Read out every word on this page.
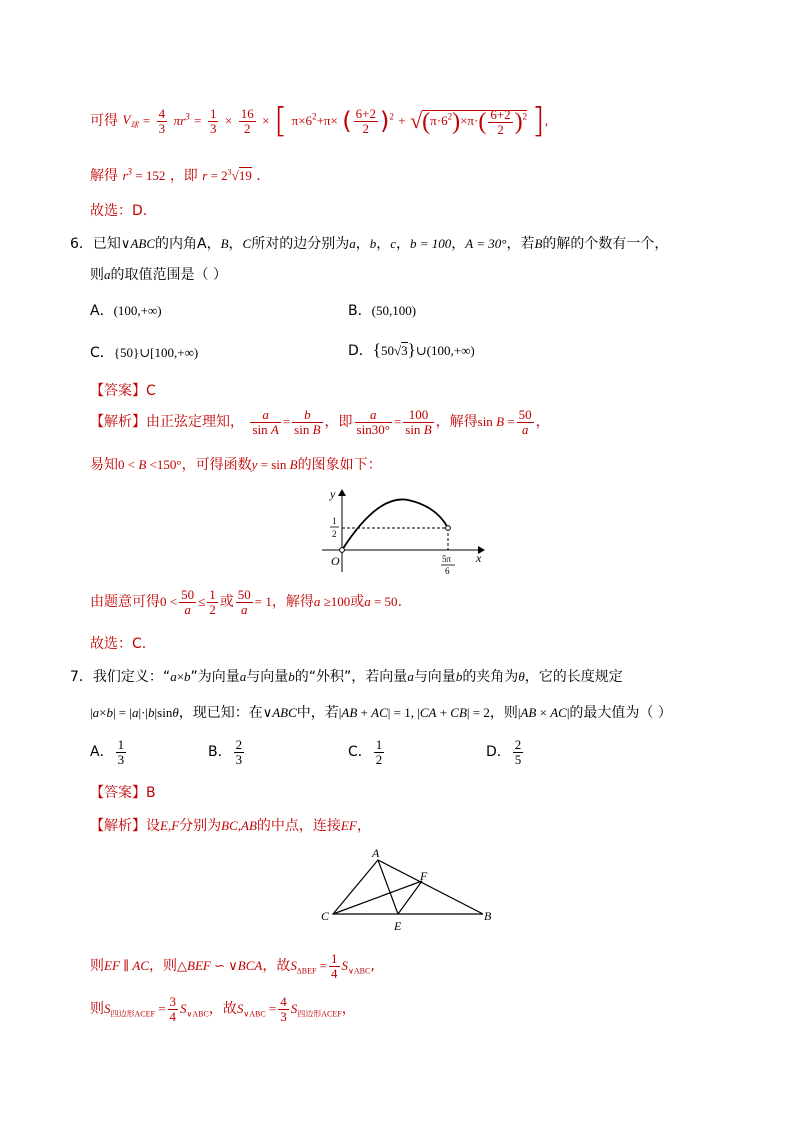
可得 $V_球 = \frac{4}{3} \pi r^3 = \frac{1}{3} \times \frac{16}{2}$ × [ $\pi\times 6^2+\pi\times$ ( $\frac{6+2}{2} )^2 + √(\pi\cdot 6^2)\times\pi\cdot( \frac{6+2}{2} )^2$ ],
解得 $r^3 = 152$ ，即 $r = 2^3√19$ .
故选：D.
6．已知∨ABC的内角A，B，C所对的边分别为a，b，c，b = 100，A = 30°，若B的解的个数有一个，
则a的取值范围是（ ）
A．(100,+∞)	B．(50,100)
C．{50}∪[100,+∞)	D．{50√3}∪(100,+∞)
【答案】C
【解析】由正弦定理知， $\frac{a}{\text{sin A}} = \frac{b}{\text{sin B}}$ ，即 $\frac{a}{\sin 30^\circ} = \frac{100}{\text{sin B}}$ ，解得$\sin B = \frac{50}{a}$ ，
易知0 < B <150°，可得函数y = sin B的图象如下：
y
x
O
1
2
5π
6
由题意可得$0 < \frac{50}{a} \le \frac{1}{2}$ 或 $\frac{50}{a} = 1$，解得a ≥100或a = 50.
故选：C.
7．我们定义：“a×b”为向量a与向量b的“外积”，若向量a与向量b的夹角为θ，它的长度规定
|a×b| = |a|·|b|sinθ，现已知：在∨ABC中，若|AB + AC| = 1, |CA + CB| = 2，则|AB × AC|的最大值为（ ）
A． $\frac{1}{3}$	B． $\frac{2}{3}$	C． $\frac{1}{2}$	D． $\frac{2}{5}$
【答案】B
【解析】设E,F分别为BC,AB的中点，连接EF，
A
C	B
E
F
则EF ∥ AC，则△BEF ∽ ∨BCA，故$S_{\Delta BEF} = \frac{1}{4} S_{\vee ABC}$,
则$S_{四边形ACEF} = \frac{3}{4} S_{\vee ABC}$，故$S_{\vee ABC} = \frac{4}{3} S_{四边形ACEF}$，
